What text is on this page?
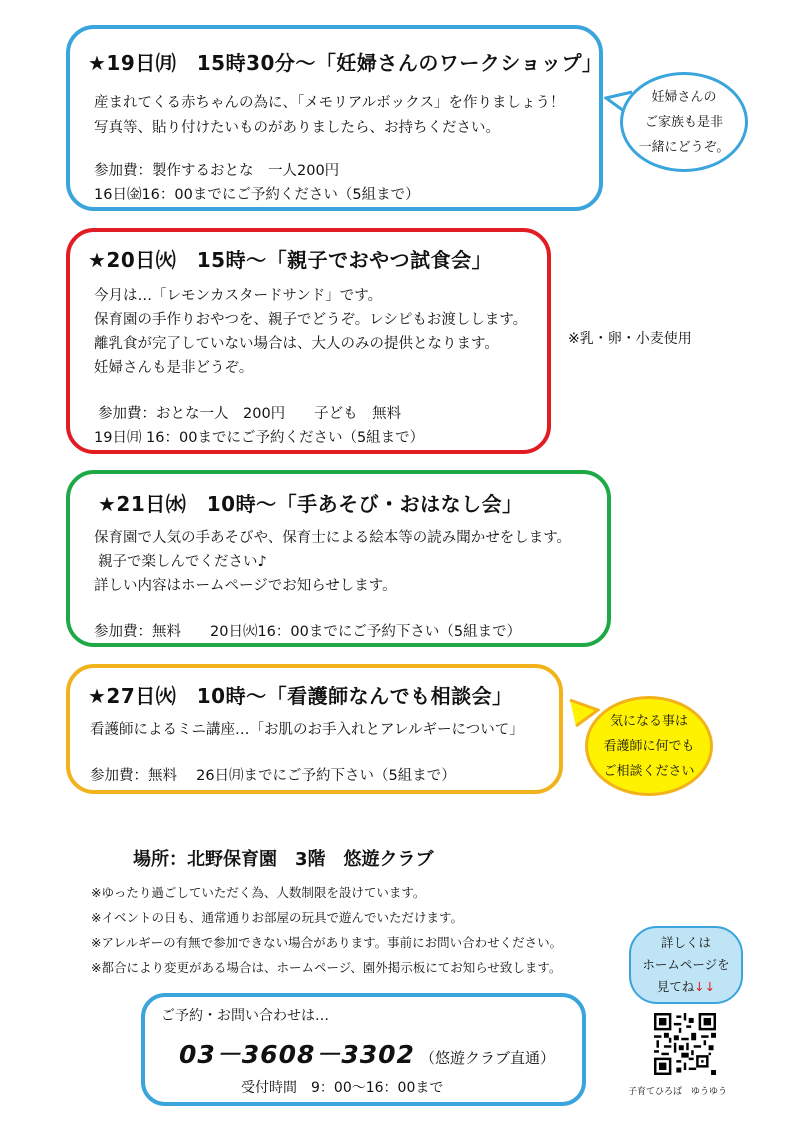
★19日㈪　15時30分～「妊婦さんのワークショップ」
産まれてくる赤ちゃんの為に、「メモリアルボックス」を作りましょう！
写真等、貼り付けたいものがありましたら、お持ちください。
参加費：製作するおとな　一人200円
16日㈮16：00までにご予約ください（5組まで）
妊婦さんの
ご家族も是非
一緒にどうぞ。
★20日㈫　15時～「親子でおやつ試食会」
今月は…「レモンカスタードサンド」です。
保育園の手作りおやつを、親子でどうぞ。レシピもお渡しします。
離乳食が完了していない場合は、大人のみの提供となります。
妊婦さんも是非どうぞ。
参加費：おとな一人　200円　　子ども　無料
19日㈪ 16：00までにご予約ください（5組まで）
※乳・卵・小麦使用
★21日㈬　10時～「手あそび・おはなし会」
保育園で人気の手あそびや、保育士による絵本等の読み聞かせをします。
親子で楽しんでください♪
詳しい内容はホームページでお知らせします。
参加費：無料　　20日㈫16：00までにご予約下さい（5組まで）
★27日㈫　10時～「看護師なんでも相談会」
看護師によるミニ講座…「お肌のお手入れとアレルギーについて」
参加費：無料　 26日㈪までにご予約下さい（5組まで）
気になる事は
看護師に何でも
ご相談ください
場所：北野保育園　3階　悠遊クラブ
※ゆったり過ごしていただく為、人数制限を設けています。
※イベントの日も、通常通りお部屋の玩具で遊んでいただけます。
※アレルギーの有無で参加できない場合があります。事前にお問い合わせください。
※都合により変更がある場合は、ホームページ、園外掲示板にてお知らせ致します。
詳しくは
ホームページを
見てね↓↓
子育てひろば　ゆうゆう
ご予約・お問い合わせは…
03－3608－3302 （悠遊クラブ直通）
受付時間　9：00～16：00まで
